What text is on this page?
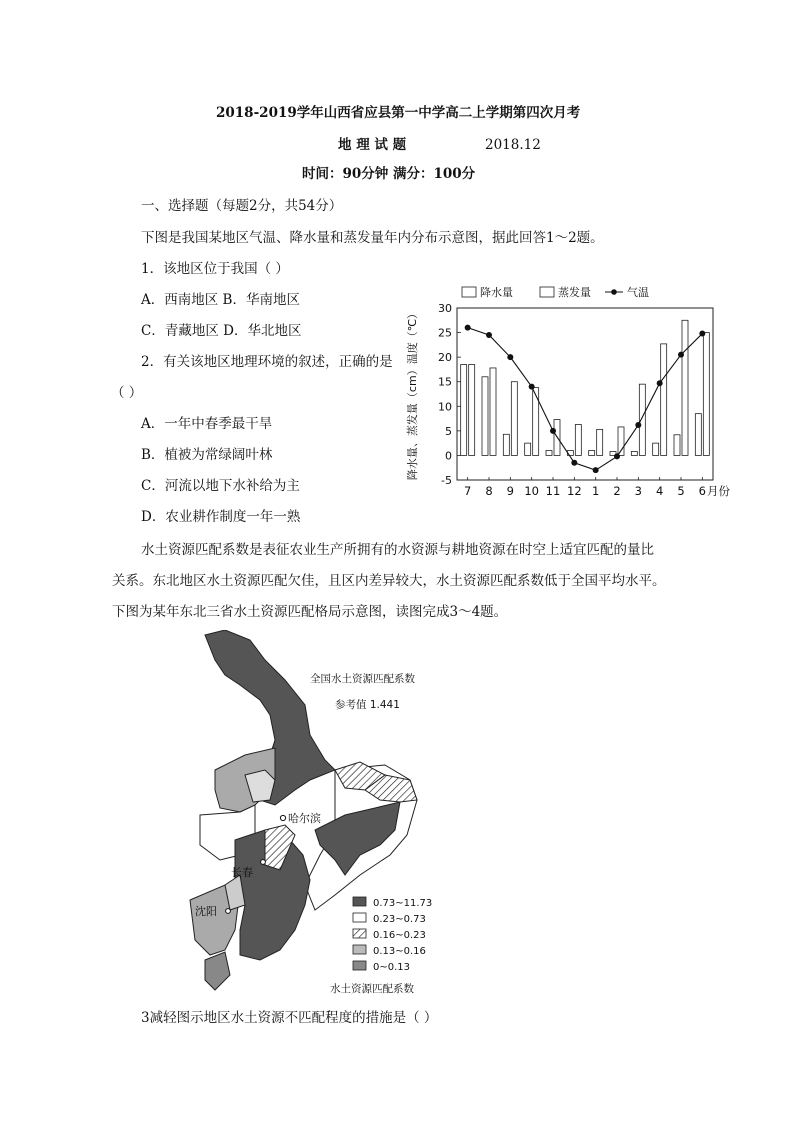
2018-2019学年山西省应县第一中学高二上学期第四次月考
地 理 试 题	2018.12
时间：90分钟 满分：100分
一、选择题（每题2分，共54分）
下图是我国某地区气温、降水量和蒸发量年内分布示意图，据此回答1～2题。
1．该地区位于我国（ ）
A．西南地区 B．华南地区
C．青藏地区 D．华北地区
2．有关该地区地理环境的叙述，正确的是
（ ）
A．一年中春季最干旱
B．植被为常绿阔叶林
C．河流以地下水补给为主
D．农业耕作制度一年一熟
水土资源匹配系数是表征农业生产所拥有的水资源与耕地资源在时空上适宜匹配的量比
关系。东北地区水土资源匹配欠佳，且区内差异较大，水土资源匹配系数低于全国平均水平。
下图为某年东北三省水土资源匹配格局示意图，读图完成3～4题。
3减轻图示地区水土资源不匹配程度的措施是（ ）
降水量	蒸发量	气温
30
25
20
15
10
5
0
-5
降水量、蒸发量（cm）温度（℃）
7 8 9 10 11 12 1 2 3 4 5 6 月份
哈尔滨
长春
沈阳
全国水土资源匹配系数
参考值 1.441
0.73~11.73
0.23~0.73
0.16~0.23
0.13~0.16
0~0.13
水土资源匹配系数
